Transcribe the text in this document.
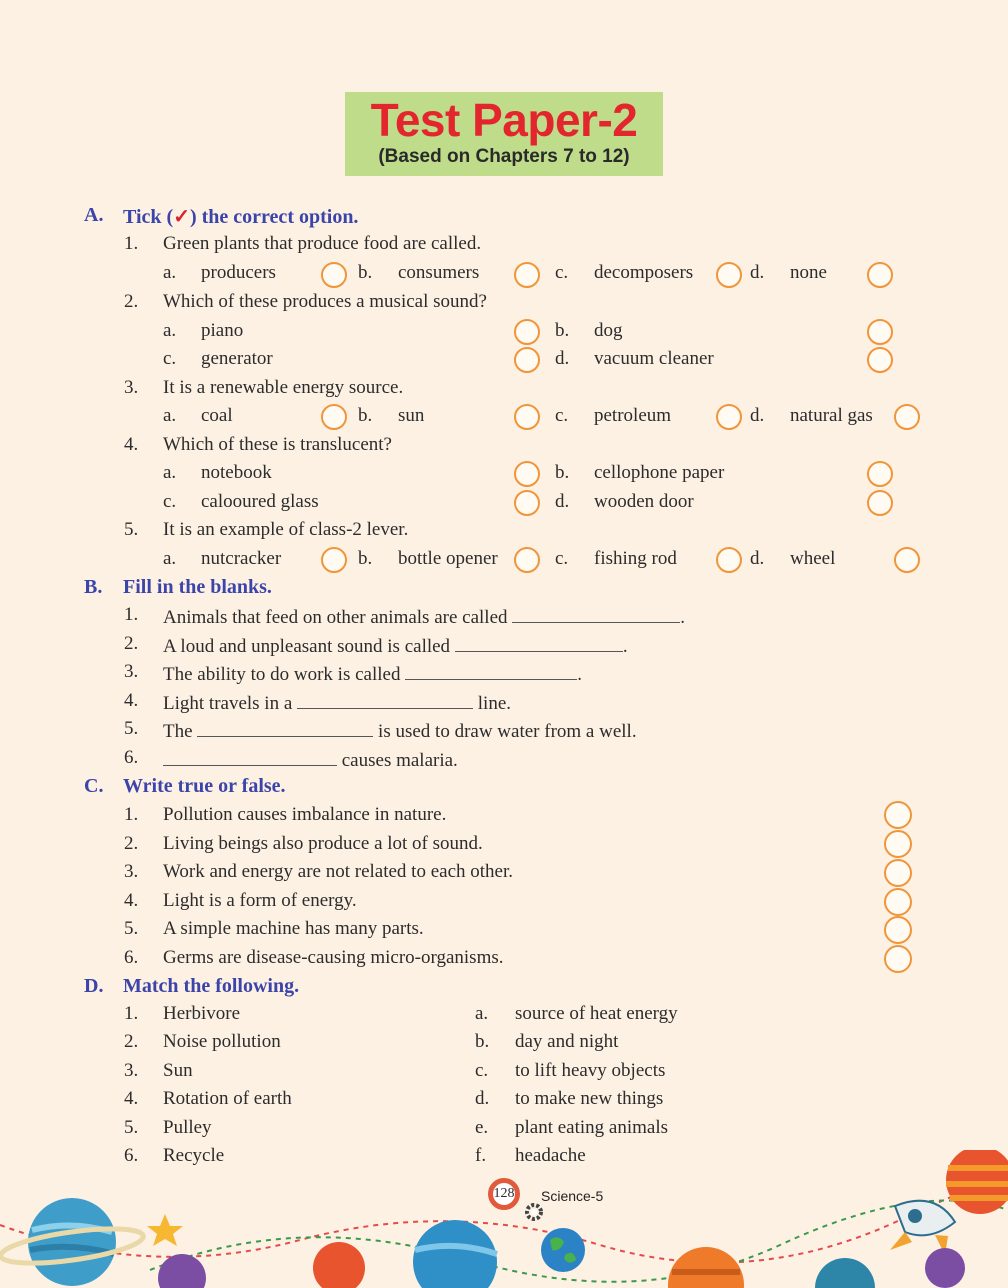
Test Paper-2
(Based on Chapters 7 to 12)
A. Tick (✓) the correct option.
1. Green plants that produce food are called.
a. producers	b. consumers	c. decomposers	d. none
2. Which of these produces a musical sound?
a. piano	b. dog
c. generator	d. vacuum cleaner
3. It is a renewable energy source.
a. coal	b. sun	c. petroleum	d. natural gas
4. Which of these is translucent?
a. notebook	b. cellophone paper
c. calooured glass	d. wooden door
5. It is an example of class-2 lever.
a. nutcracker	b. bottle opener	c. fishing rod	d. wheel
B. Fill in the blanks.
1. Animals that feed on other animals are called	.
2. A loud and unpleasant sound is called	.
3. The ability to do work is called	.
4. Light travels in a	line.
5. The	is used to draw water from a well.
6.	causes malaria.
C. Write true or false.
1. Pollution causes imbalance in nature.
2. Living beings also produce a lot of sound.
3. Work and energy are not related to each other.
4. Light is a form of energy.
5. A simple machine has many parts.
6. Germs are disease-causing micro-organisms.
D. Match the following.
1. Herbivore	a. source of heat energy
2. Noise pollution	b. day and night
3. Sun	c. to lift heavy objects
4. Rotation of earth	d. to make new things
5. Pulley	e. plant eating animals
6. Recycle	f. headache
128	Science-5
